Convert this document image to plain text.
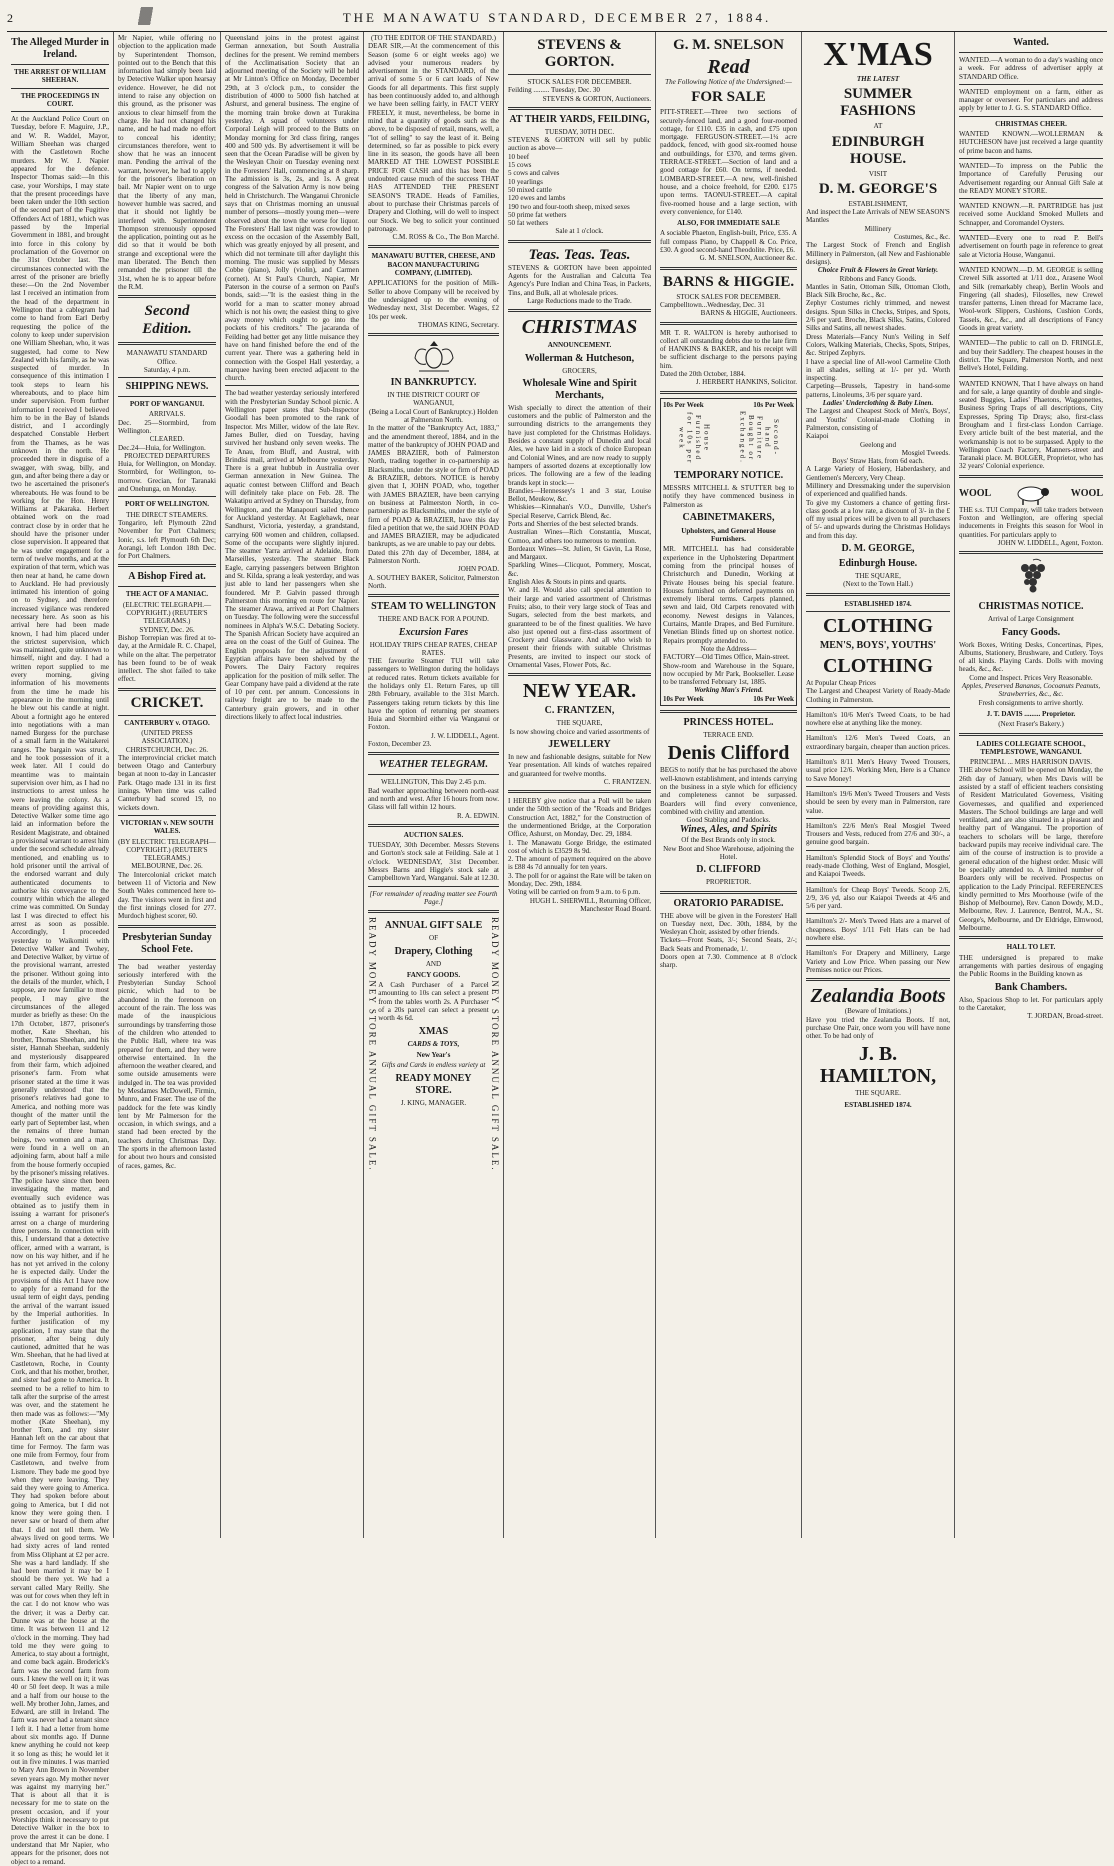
2	THE MANAWATU STANDARD, DECEMBER 27, 1884.
The Alleged Murder in Ireland.
THE ARREST OF WILLIAM SHEEHAN.
THE PROCEEDINGS IN COURT.
At the Auckland Police Court on Tuesday, before F. Maguire, J.P., and W. R. Waddel, Mayor, William Sheehan was charged with the Castletown Roche murders. Mr W. J. Napier appeared for the defence. Inspector Thomas said:—In this case, your Worships, I may state that the present proceedings have been taken under the 10th section of the second part of the Fugitive Offenders Act of 1881, which was passed by the Imperial Government in 1881, and brought into force in this colony by proclamation of the Governor on the 31st October last. The circumstances connected with the arrest of the prisoner are briefly these:—On the 2nd November last I received an intimation from the head of the department in Wellington that a cablegram had come to hand from Earl Derby requesting the police of the colony to keep under supervision one William Sheehan, who, it was suggested, had come to New Zealand with his family, as he was suspected of murder. In consequence of this intimation I took steps to learn his whereabouts, and to place him under supervision. From further information I received I believed him to be in the Bay of Islands district, and I accordingly despatched Constable Herbert from the Thames, as he was unknown in the north. He proceeded there in disguise of a swagger, with swag, billy, and gun, and after being there a day or two he ascertained the prisoner's whereabouts. He was found to be working for the Hon. Henry Williams at Pakaraka. Herbert obtained work on the road contract close by in order that he should have the prisoner under close supervision. It appeared that he was under engagement for a term of twelve months, and at the expiration of that term, which was then near at hand, he came down to Auckland. He had previously intimated his intention of going on to Sydney, and therefore increased vigilance was rendered necessary here. As soon as his arrival here had been made known, I had him placed under the strictest supervision, which was maintained, quite unknown to himself, night and day. I had a written report supplied to me every morning, giving information of his movements from the time he made his appearance in the morning until he blew out his candle at night. About a fortnight ago he entered into negotiations with a man named Burgess for the purchase of a small farm in the Waitakerei ranges. The bargain was struck, and he took possession of it a week later. All I could do meantime was to maintain supervision over him, as I had no instructions to arrest unless he were leaving the colony. As a means of providing against this, Detective Walker some time ago laid an information before the Resident Magistrate, and obtained a provisional warrant to arrest him under the second schedule already mentioned, and enabling us to hold prisoner until the arrival of the endorsed warrant and duly authenticated documents to authorise his conveyance to the country within which the alleged crime was committed. On Sunday last I was directed to effect his arrest as soon as possible. Accordingly, I proceeded yesterday to Waikomiti with Detective Walker and Twohey, and Detective Walker, by virtue of the provisional warrant, arrested the prisoner. Without going into the details of the murder, which, I suppose, are now familiar to most people, I may give the circumstances of the alleged murder as briefly as these: On the 17th October, 1877, prisoner's mother, Kate Sheehan, his brother, Thomas Sheehan, and his sister, Hannah Sheehan, suddenly and mysteriously disappeared from their farm, which adjoined prisoner's farm. From what prisoner stated at the time it was generally understood that the prisoner's relatives had gone to America, and nothing more was thought of the matter until the early part of September last, when the remains of three human beings, two women and a man, were found in a well on an adjoining farm, about half a mile from the house formerly occupied by the prisoner's missing relatives. The police have since then been investigating the matter, and eventually such evidence was obtained as to justify them in issuing a warrant for prisoner's arrest on a charge of murdering three persons. In connection with this, I understand that a detective officer, armed with a warrant, is now on his way hither, and if he has not yet arrived in the colony he is expected daily. Under the provisions of this Act I have now to apply for a remand for the usual term of eight days, pending the arrival of the warrant issued by the Imperial authorities. In further justification of my application, I may state that the prisoner, after being duly cautioned, admitted that he was Wm. Sheehan, that he had lived at Castletown, Roche, in County Cork, and that his mother, brother, and sister had gone to America. It seemed to be a relief to him to talk after the surprise of the arrest was over, and the statement he then made was as follows:—"My mother (Kate Sheehan), my brother Tom, and my sister Hannah left on the car about that time for Fermoy. The farm was one mile from Fermoy, four from Castletown, and twelve from Lismore. They bade me good bye when they were leaving. They said they were going to America. They had spoken before about going to America, but I did not know they were going then. I never saw or heard of them after that. I did not tell them. We always lived on good terms. We had sixty acres of land rented from Miss Oliphant at £2 per acre. She was a hard landlady. If she had been married it may be I should be there yet. We had a servant called Mary Reilly. She was out for cows when they left in the car. I do not know who was the driver; it was a Derby car. Dunne was at the house at the time. It was between 11 and 12 o'clock in the morning. They had told me they were going to America, to stay about a fortnight, and come back again. Broderick's farm was the second farm from ours. I knew the well on it; it was 40 or 50 feet deep. It was a mile and a half from our house to the well. My brother John, James, and Edward, are still in Ireland. The farm was never had a tenant since I left it. I had a letter from home about six months ago. If Dunne knew anything he could not keep it so long as this; he would let it out in five minutes. I was married to Mary Ann Brown in November seven years ago. My mother never was against my marrying her." That is about all that it is necessary for me to state on the present occasion, and if your Worships think it necessary to put Detective Walker in the box to prove the arrest it can be done. I understand that Mr Napier, who appears for the prisoner, does not object to a remand.
Mr Napier, while offering no objection to the application made by Superintendent Thomson, pointed out to the Bench that this information had simply been laid by Detective Walker upon hearsay evidence. However, he did not intend to raise any objection on this ground, as the prisoner was anxious to clear himself from the charge. He had not changed his name, and he had made no effort to conceal his identity; circumstances therefore, went to show that he was an innocent man. Pending the arrival of the warrant, however, he had to apply for the prisoner's liberation on bail. Mr Napier went on to urge that the liberty of any man, however humble was sacred, and that it should not lightly be interfered with. Superintendent Thompson strenuously opposed the application, pointing out as he did so that it would be both strange and exceptional were the man liberated. The Bench then remanded the prisoner till the 31st, when he is to appear before the R.M.
Second Edition.
MANAWATU STANDARD Office.
Saturday, 4 p.m.
SHIPPING NEWS.
PORT OF WANGANUI.
ARRIVALS.
Dec. 25—Stormbird, from Wellington.
CLEARED.
Dec.24—Huia, for Wellington.
PROJECTED DEPARTURES
Huia, for Wellington, on Monday. Stormbird, for Wellington, to-morrow. Grecian, for Taranaki and Onehunga, on Monday.
PORT OF WELLINGTON.
THE DIRECT STEAMERS.
Tongariro, left Plymouth 22nd November for Port Chalmers; Ionic, s.s. left Plymouth 6th Dec; Aorangi, left London 18th Dec. for Port Chalmers.
A Bishop Fired at.
THE ACT OF A MANIAC.
(ELECTRIC TELEGRAPH.—COPYRIGHT.) (REUTER'S TELEGRAMS.)
SYDNEY, Dec. 26.
Bishop Torrepian was fired at to-day, at the Armidale R. C. Chapel, while on the altar. The perpetrator has been found to be of weak intellect. The shot failed to take effect.
CRICKET.
CANTERBURY v. OTAGO.
(UNITED PRESS ASSOCIATION.)
CHRISTCHURCH, Dec. 26.
The interprovincial cricket match between Otago and Canterbury began at noon to-day in Lancaster Park. Otago made 131 in its first innings. When time was called Canterbury had scored 19, no wickets down.
VICTORIAN v. NEW SOUTH WALES.
(BY ELECTRIC TELEGRAPH—COPYRIGHT.) (REUTER'S TELEGRAMS.)
MELBOURNE, Dec. 26.
The Intercolonial cricket match between 11 of Victoria and New South Wales commenced here to-day. The visitors went in first and the first innings closed for 277. Murdoch highest scorer, 60.
Presbyterian Sunday School Fete.
The bad weather yesterday seriously interfered with the Presbyterian Sunday School picnic, which had to be abandoned in the forenoon on account of the rain. The loss was made of the inauspicious surroundings by transferring those of the children who attended to the Public Hall, where tea was prepared for them, and they were otherwise entertained. In the afternoon the weather cleared, and some outside amusements were indulged in. The tea was provided by Mesdames McDowell, Firmin, Munro, and Fraser. The use of the paddock for the fete was kindly lent by Mr Palmerson for the occasion, in which swings, and a stand had been erected by the teachers during Christmas Day. The sports in the afternoon lasted for about two hours and consisted of races, games, &c.
Queensland joins in the protest against German annexation, but South Australia declines for the present. We remind members of the Acclimatisation Society that an adjourned meeting of the Society will be held at Mr Linton's Office on Monday, December 29th, at 3 o'clock p.m., to consider the distribution of 4000 to 5000 fish hatched at Ashurst, and general business. The engine of the morning train broke down at Turakina yesterday. A squad of volunteers under Corporal Leigh will proceed to the Butts on Monday morning for 3rd class firing, ranges 400 and 500 yds. By advertisement it will be seen that the Ocean Paradise will be given by the Wesleyan Choir on Tuesday evening next in the Foresters' Hall, commencing at 8 sharp. The admission is 3s, 2s, and 1s. A great congress of the Salvation Army is now being held in Christchurch. The Wanganui Chronicle says that on Christmas morning an unusual number of persons—mostly young men—were observed about the town the worse for liquor. The Foresters' Hall last night was crowded to excess on the occasion of the Assembly Ball, which was greatly enjoyed by all present, and which did not terminate till after daylight this morning. The music was supplied by Messrs Cobbe (piano), Jolly (violin), and Carmen (cornet). At St Paul's Church, Napier, Mr Paterson in the course of a sermon on Paul's bonds, said:—"It is the easiest thing in the world for a man to scatter money abroad which is not his own; the easiest thing to give away money which ought to go into the pockets of his creditors." The jacaranda of Feilding had better get any little nuisance they have on hand finished before the end of the current year. There was a gathering held in connection with the Gospel Hall yesterday, a marquee having been erected adjacent to the church.
The bad weather yesterday seriously interfered with the Presbyterian Sunday School picnic. A Wellington paper states that Sub-Inspector Goodall has been promoted to the rank of Inspector. Mrs Miller, widow of the late Rev. James Buller, died on Tuesday, having survived her husband only seven weeks. The Te Anau, from Bluff, and Austral, with Brindisi mail, arrived at Melbourne yesterday. There is a great hubbub in Australia over German annexation in New Guinea. The aquatic contest between Clifford and Beach will definitely take place on Feb. 28. The Wakatipu arrived at Sydney on Thursday, from Wellington, and the Manapouri sailed thence for Auckland yesterday. At Eaglehawk, near Sandhurst, Victoria, yesterday, a grandstand, carrying 600 women and children, collapsed. Some of the occupants were slightly injured. The steamer Yarra arrived at Adelaide, from Marseilles, yesterday. The steamer Black Eagle, carrying passengers between Brighton and St. Kilda, sprang a leak yesterday, and was just able to land her passengers when she foundered. Mr P. Galvin passed through Palmerston this morning en route for Napier. The steamer Arawa, arrived at Port Chalmers on Tuesday. The following were the successful nominees in Alpha's W.S.C. Debating Society. The Spanish African Society have acquired an area on the coast of the Gulf of Guinea. The English proposals for the adjustment of Egyptian affairs have been shelved by the Powers. The Dairy Factory requires application for the position of milk seller. The Gear Company have paid a dividend at the rate of 10 per cent. per annum. Concessions in railway freight are to be made to the Canterbury grain growers, and in other directions likely to affect local industries.
(TO THE EDITOR OF THE STANDARD.)
DEAR SIR,—At the commencement of this Season (some 6 or eight weeks ago) we advised your numerous readers by advertisement in the STANDARD, of the arrival of some 5 or 6 cart loads of New Goods for all departments. This first supply has been continuously added to, and although we have been selling fairly, in FACT VERY FREELY, it must, nevertheless, be borne in mind that a quantity of goods such as the above, to be disposed of retail, means, well, a "lot of selling" to say the least of it. Being determined, so far as possible to pick every line in its season, the goods have all been MARKED AT THE LOWEST POSSIBLE PRICE FOR CASH and this has been the undoubted cause much of the success THAT HAS ATTENDED THE PRESENT SEASON'S TRADE. Heads of Families, about to purchase their Christmas parcels of Drapery and Clothing, will do well to inspect our Stock. We beg to solicit your continued patronage.
C.M. ROSS & Co., The Bon Marché.
MANAWATU BUTTER, CHEESE, AND BACON MANUFACTURING COMPANY, (LIMITED).
APPLICATIONS for the position of Milk-Seller to above Company will be received by the undersigned up to the evening of Wednesday next, 31st December. Wages, £2 10s per week.
THOMAS KING, Secretary.
IN BANKRUPTCY.
IN THE DISTRICT COURT OF WANGANUI,
(Being a Local Court of Bankruptcy.) Holden at Palmerston North.
In the matter of the "Bankruptcy Act, 1883," and the amendment thereof, 1884, and in the matter of the bankruptcy of JOHN POAD and JAMES BRAZIER, both of Palmerston North, trading together in co-partnership as Blacksmiths, under the style or firm of POAD & BRAZIER, debtors. NOTICE is hereby given that I, JOHN POAD, who, together with JAMES BRAZIER, have been carrying on business at Palmerston North, in co-partnership as Blacksmiths, under the style of firm of POAD & BRAZIER, have this day filed a petition that we, the said JOHN POAD and JAMES BRAZIER, may be adjudicated bankrupts, as we are unable to pay our debts.
Dated this 27th day of December, 1884, at Palmerston North.
JOHN POAD.
A. SOUTHEY BAKER, Solicitor, Palmerston North.
STEAM TO WELLINGTON
THERE AND BACK FOR A POUND.
Excursion Fares
HOLIDAY TRIPS CHEAP RATES, CHEAP RATES.
THE favourite Steamer TUI will take passengers to Wellington during the holidays at reduced rates. Return tickets available for the holidays only £1. Return Fares, up till 28th February, available to the 31st March. Passengers taking return tickets by this line have the option of returning per steamers Huia and Stormbird either via Wanganui or Foxton.
J. W. LIDDELL, Agent.
Foxton, December 23.
WEATHER TELEGRAM.
WELLINGTON, This Day 2.45 p.m.
Bad weather approaching between north-east and north and west. After 16 hours from now. Glass will fall within 12 hours.
R. A. EDWIN.
AUCTION SALES.
TUESDAY, 30th December. Messrs Stevens and Gorton's stock sale at Feilding. Sale at 1 o'clock. WEDNESDAY, 31st December. Messrs Barns and Higgie's stock sale at Campbelltown Yard, Wanganui. Sale at 12.30.
[For remainder of reading matter see Fourth Page.]
READY MONEY STORE ANNUAL GIFT SALE. ANNUAL GIFT SALE
OF
Drapery, Clothing
AND
FANCY GOODS.
A Cash Purchaser of a Parcel amounting to 10s can select a present from the tables worth 2s. A Purchaser of a 20s parcel can select a present worth 4s 6d.
XMAS
CARDS & TOYS,
New Year's
Gifts and Cards in endless variety at
READY MONEY STORE.
J. KING, MANAGER.	READY MONEY STORE ANNUAL GIFT SALE.
STEVENS & GORTON.
STOCK SALES FOR DECEMBER.
Feilding ......... Tuesday, Dec. 30
STEVENS & GORTON, Auctioneers.
AT THEIR YARDS, FEILDING,
TUESDAY, 30TH DEC.
STEVENS & GORTON will sell by public auction as above—
10 beef
15 cows
5 cows and calves
10 yearlings
50 mixed cattle
120 ewes and lambs
190 two and four-tooth sheep, mixed sexes
50 prime fat wethers
50 fat wethers
Sale at 1 o'clock.
Teas. Teas. Teas.
STEVENS & GORTON have been appointed Agents for the Australian and Calcutta Tea Agency's Pure Indian and China Teas, in Packets, Tins, and Bulk, all at wholesale prices.
Large Reductions made to the Trade.
CHRISTMAS
ANNOUNCEMENT.
Wollerman & Hutcheson,
GROCERS,
Wholesale Wine and Spirit Merchants,
Wish specially to direct the attention of their customers and the public of Palmerston and the surrounding districts to the arrangements they have just completed for the Christmas Holidays. Besides a constant supply of Dunedin and local Ales, we have laid in a stock of choice European and Colonial Wines, and are now ready to supply hampers of assorted dozens at exceptionally low prices. The following are a few of the leading brands kept in stock:—
Brandies—Hennessey's 1 and 3 star, Louise Bellot, Meukow, &c.
Whiskies—Kinnahan's V.O., Dunville, Usher's Special Reserve, Carrick Blend, &c.
Ports and Sherries of the best selected brands.
Australian Wines—Rich Constantia, Muscat, Comoo, and others too numerous to mention.
Bordeaux Wines—St. Julien, St Gavin, La Rose, and Margaux.
Sparkling Wines—Clicquot, Pommery, Moscat, &c.
English Ales & Stouts in pints and quarts.
W. and H. Would also call special attention to their large and varied assortment of Christmas Fruits; also, to their very large stock of Teas and Sugars, selected from the best markets, and guaranteed to be of the finest qualities. We have also just opened out a first-class assortment of Crockery and Glassware. And all who wish to present their friends with suitable Christmas Presents, are invited to inspect our stock of Ornamental Vases, Flower Pots, &c.
NEW YEAR.
C. FRANTZEN,
THE SQUARE,
Is now showing choice and varied assortments of
JEWELLERY
In new and fashionable designs, suitable for New Year presentation. All kinds of watches repaired and guaranteed for twelve months.
C. FRANTZEN.
I HEREBY give notice that a Poll will be taken under the 50th section of the "Roads and Bridges Construction Act, 1882," for the Construction of the undermentioned Bridge, at the Corporation Office, Ashurst, on Monday, Dec. 29, 1884.
1. The Manawatu Gorge Bridge, the estimated cost of which is £3529 8s 9d.
2. The amount of payment required on the above is £88 4s 7d annually for ten years.
3. The poll for or against the Rate will be taken on Monday, Dec. 29th, 1884.
Voting will be carried on from 9 a.m. to 6 p.m.
HUGH L. SHERWILL, Returning Officer, Manchester Road Board.
G. M. SNELSON
Read
The Following Notice of the Undersigned:—
FOR SALE
PITT-STREET.—Three two sections of securely-fenced land, and a good four-roomed cottage, for £110. £35 in cash, and £75 upon mortgage. FERGUSON-STREET.—1¼ acre paddock, fenced, with good six-roomed house and outbuildings, for £370, and terms given. TERRACE-STREET.—Section of land and a good cottage for £60. On terms, if needed. LOMBARD-STREET.—A new, well-finished house, and a choice freehold, for £200. £175 upon terms. TAONUI-STREET.—A capital five-roomed house and a large section, with every convenience, for £140.
ALSO, FOR IMMEDIATE SALE
A sociable Phaeton, English-built, Price, £35. A full compass Piano, by Chappell & Co. Price, £30. A good second-hand Theodolite. Price, £6.
G. M. SNELSON, Auctioneer &c.
BARNS & HIGGIE.
STOCK SALES FOR DECEMBER.
Campbelltown...Wednesday, Dec. 31
BARNS & HIGGIE, Auctioneers.
MR T. R. WALTON is hereby authorised to collect all outstanding debts due to the late firm of HANKINS & BAKER, and his receipt will be sufficient discharge to the persons paying him.
Dated the 20th October, 1884.
J. HERBERT HANKINS, Solicitor.
10s Per Week	10s Per Week
House Furnished for 10s per week	Second-hand Furniture Bought or Exchanged.
TEMPORARY NOTICE.
MESSRS MITCHELL & STUTTER beg to notify they have commenced business in Palmerston as
CABINETMAKERS,
Upholsters, and General House Furnishers.
MR. MITCHELL has had considerable experience in the Upholstering Department coming from the principal houses of Christchurch and Dunedin, Working at Private Houses being his special feature. Houses furnished on deferred payments on extremely liberal terms. Carpets planned, sewn and laid, Old Carpets renovated with economy. Newest designs in Valances, Curtains, Mantle Drapes, and Bed Furniture. Venetian Blinds fitted up on shortest notice. Repairs promptly attended to.
Note the Address—
FACTORY—Old Times Office, Main-street.
Show-room and Warehouse in the Square, now occupied by Mr Park, Bookseller. Lease to be transferred February 1st, 1885.
Working Man's Friend.
10s Per Week	10s Per Week
PRINCESS HOTEL.
TERRACE END.
Denis Clifford
BEGS to notify that he has purchased the above well-known establishment, and intends carrying on the business in a style which for efficiency and completeness cannot be surpassed. Boarders will find every convenience, combined with civility and attention.
Good Stabling and Paddocks.
Wines, Ales, and Spirits
Of the Best Brands only in stock.
New Boot and Shoe Warehouse, adjoining the Hotel.
D. CLIFFORD
PROPRIETOR.
ORATORIO PARADISE.
THE above will be given in the Foresters' Hall on Tuesday next, Dec. 30th, 1884, by the Wesleyan Choir, assisted by other friends.
Tickets—Front Seats, 3/-; Second Seats, 2/-; Back Seats and Promenade, 1/.
Doors open at 7.30. Commence at 8 o'clock sharp.
X'MAS
THE LATEST
SUMMER FASHIONS
AT
EDINBURGH HOUSE.
VISIT
D. M. GEORGE'S
ESTABLISHMENT,
And inspect the Late Arrivals of NEW SEASON'S
Mantles
Millinery
Costumes, &c., &c.
The Largest Stock of French and English Millinery in Palmerston, (all New and Fashionable designs).
Choice Fruit & Flowers in Great Variety.
Ribbons and Fancy Goods.
Mantles in Satin, Ottoman Silk, Ottoman Cloth, Black Silk Broche, &c., &c.
Zephyr Costumes richly trimmed, and newest designs. Spun Silks in Checks, Stripes, and Spots, 2/6 per yard. Broche, Black Silks, Satins, Colored Silks and Satins, all newest shades.
Dress Materials—Fancy Nun's Veiling in Self Colors, Walking Materials, Checks, Spots, Stripes, &c. Striped Zephyrs.
I have a special line of All-wool Carmelite Cloth in all shades, selling at 1/- per yd. Worth inspecting.
Carpeting—Brussels, Tapestry in hand-some patterns, Linoleums, 3/6 per square yard.
Ladies' Underclothing & Baby Linen.
The Largest and Cheapest Stock of Men's, Boys', and Youths' Colonial-made Clothing in Palmerston, consisting of
Kaiapoi
Geelong and
Mosgiel Tweeds.
Boys' Straw Hats, from 6d each.
A Large Variety of Hosiery, Haberdashery, and Gentlemen's Mercery, Very Cheap.
Millinery and Dressmaking under the supervision of experienced and qualified hands.
To give my Customers a chance of getting first-class goods at a low rate, a discount of 3/- in the £ off my usual prices will be given to all purchasers of 5/- and upwards during the Christmas Holidays and from this day.
D. M. GEORGE,
Edinburgh House.
THE SQUARE,
(Next to the Town Hall.)
ESTABLISHED 1874.
CLOTHING
MEN'S, BOYS', YOUTHS'
CLOTHING
At Popular Cheap Prices
The Largest and Cheapest Variety of Ready-Made Clothing in Palmerston.
Hamilton's 10/6 Men's Tweed Coats, to be had nowhere else at anything like the money.
Hamilton's 12/6 Men's Tweed Coats, an extraordinary bargain, cheaper than auction prices.
Hamilton's 8/11 Men's Heavy Tweed Trousers, usual price 12/6. Working Men, Here is a Chance to Save Money!
Hamilton's 19/6 Men's Tweed Trousers and Vests should be seen by every man in Palmerston, rare value.
Hamilton's 22/6 Men's Real Mosgiel Tweed Trousers and Vests, reduced from 27/6 and 30/-, a genuine good bargain.
Hamilton's Splendid Stock of Boys' and Youths' ready-made Clothing, West of England, Mosgiel, and Kaiapoi Tweeds.
Hamilton's for Cheap Boys' Tweeds. Scoop 2/6, 2/9, 3/6 yd, also our Kaiapoi Tweeds at 4/6 and 5/6 per yard.
Hamilton's 2/- Men's Tweed Hats are a marvel of cheapness. Boys' 1/11 Felt Hats can be had nowhere else.
Hamilton's For Drapery and Millinery, Large Variety and Low Price. When passing our New Premises notice our Prices.
Zealandia Boots
(Beware of Imitations.)
Have you tried the Zealandia Boots. If not, purchase One Pair, once worn you will have none other. To be had only of
J. B. HAMILTON,
THE SQUARE.
ESTABLISHED 1874.
Wanted.
WANTED.—A woman to do a day's washing once a week. For address of advertiser apply at STANDARD Office.
WANTED employment on a farm, either as manager or overseer. For particulars and address apply by letter to J. G. S. STANDARD Office.
CHRISTMAS CHEER.
WANTED KNOWN.—WOLLERMAN & HUTCHESON have just received a large quantity of prime bacon and hams.
WANTED—To impress on the Public the Importance of Carefully Perusing our Advertisement regarding our Annual Gift Sale at the READY MONEY STORE.
WANTED KNOWN.—R. PARTRIDGE has just received some Auckland Smoked Mullets and Schnapper, and Coromandel Oysters.
WANTED—Every one to read P. Bell's advertisement on fourth page in reference to great sale at Victoria House, Wanganui.
WANTED KNOWN.—D. M. GEORGE is selling Crewel Silk assorted at 1/11 doz., Arasene Wool and Silk (remarkably cheap), Berlin Wools and Fingering (all shades), Filoselles, new Crewel transfer patterns, Linen thread for Macrame lace, Wool-work Slippers, Cushions, Cushion Cords, Tassels, &c., &c., and all descriptions of Fancy Goods in great variety.
WANTED—The public to call on D. FRINGLE, and buy their Saddlery. The cheapest houses in the district. The Square, Palmerston North, and next Bellve's Hotel, Feilding.
WANTED KNOWN, That I have always on hand and for sale, a large quantity of double and single-seated Buggies, Ladies' Phaetons, Waggonettes, Business Spring Traps of all descriptions, City Expresses, Spring Tip Drays; also, first-class Brougham and 1 first-class London Carriage. Every article built of the best material, and the workmanship is not to be surpassed. Apply to the Wellington Coach Factory, Manners-street and Taranaki place. M. BOLGER, Proprietor, who has 32 years' Colonial experience.
WOOL	WOOL
THE s.s. TUI Company, will take traders between Foxton and Wellington, are offering special inducements in Freights this season for Wool in quantities. For particulars apply to
JOHN W. LIDDELL, Agent, Foxton.
CHRISTMAS NOTICE.
Arrival of Large Consignment
Fancy Goods.
Work Boxes, Writing Desks, Concertinas, Pipes, Albums, Stationery, Brushware, and Cutlery. Toys of all kinds. Playing Cards. Dolls with moving heads, &c., &c.
Come and Inspect. Prices Very Reasonable.
Apples, Preserved Bananas, Cocoanuts Peanuts, Strawberries, &c., &c.
Fresh consignments to arrive shortly.
J. T. DAVIS ......... Proprietor.
(Next Fraser's Bakery.)
LADIES COLLEGIATE SCHOOL, TEMPLESTOWE, WANGANUI.
PRINCIPAL ... MRS HARRISON DAVIS.
THE above School will be opened on Monday, the 26th day of January, when Mrs Davis will be assisted by a staff of efficient teachers consisting of Resident Matriculated Governess, Visiting Governesses, and qualified and experienced Masters. The School buildings are large and well ventilated, and are also situated in a pleasant and healthy part of Wanganui. The proportion of teachers to scholars will be large, therefore backward pupils may receive individual care. The aim of the course of instruction is to provide a general education of the highest order. Music will be specially attended to. A limited number of Boarders only will be received. Prospectus on application to the Lady Principal. REFERENCES kindly permitted to Mrs Moorhouse (wife of the Bishop of Melbourne), Rev. Canon Dowdy, M.D., Melbourne, Rev. J. Laurence, Bentrol, M.A., St. George's, Melbourne, and Dr Eldridge, Elmwood, Melbourne.
HALL TO LET.
THE undersigned is prepared to make arrangements with parties desirous of engaging the Public Rooms in the Building known as
Bank Chambers.
Also, Spacious Shop to let. For particulars apply to the Caretaker,
T. JORDAN, Broad-street.
